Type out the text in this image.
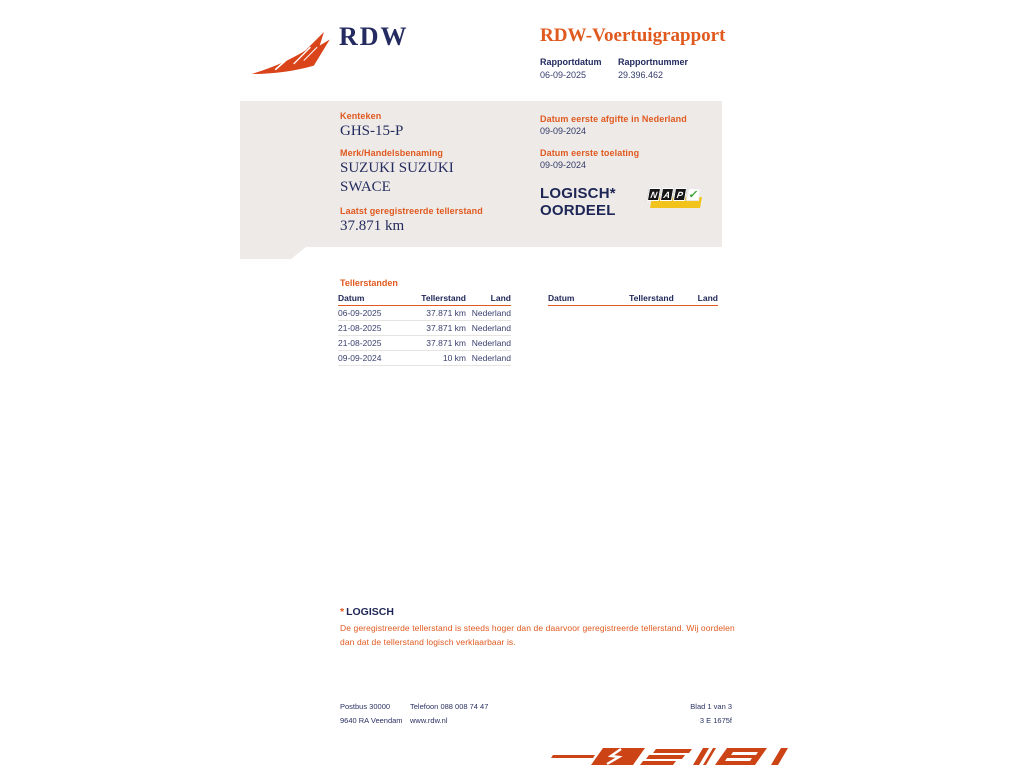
RDW	RDW-Voertuigrapport
Rapportdatum
06-09-2025
Rapportnummer
29.396.462
Kenteken
GHS-15-P
Merk/Handelsbenaming
SUZUKI SUZUKI SWACE
Laatst geregistreerde tellerstand
37.871 km
Datum eerste afgifte in Nederland
09-09-2024
Datum eerste toelating
09-09-2024
LOGISCH*
OORDEEL
N A P ✓
Tellerstanden
Datum	Tellerstand	Land
06-09-2025	37.871 km Nederland
21-08-2025	37.871 km Nederland
21-08-2025	37.871 km Nederland
09-09-2024	10 km Nederland
Datum	Tellerstand	Land
* LOGISCH
De geregistreerde tellerstand is steeds hoger dan de daarvoor geregistreerde tellerstand. Wij oordelen dan dat de tellerstand logisch verklaarbaar is.
Postbus 30000
9640 RA Veendam
Telefoon 088 008 74 47
www.rdw.nl
Blad 1 van 3
3 E 1675f
